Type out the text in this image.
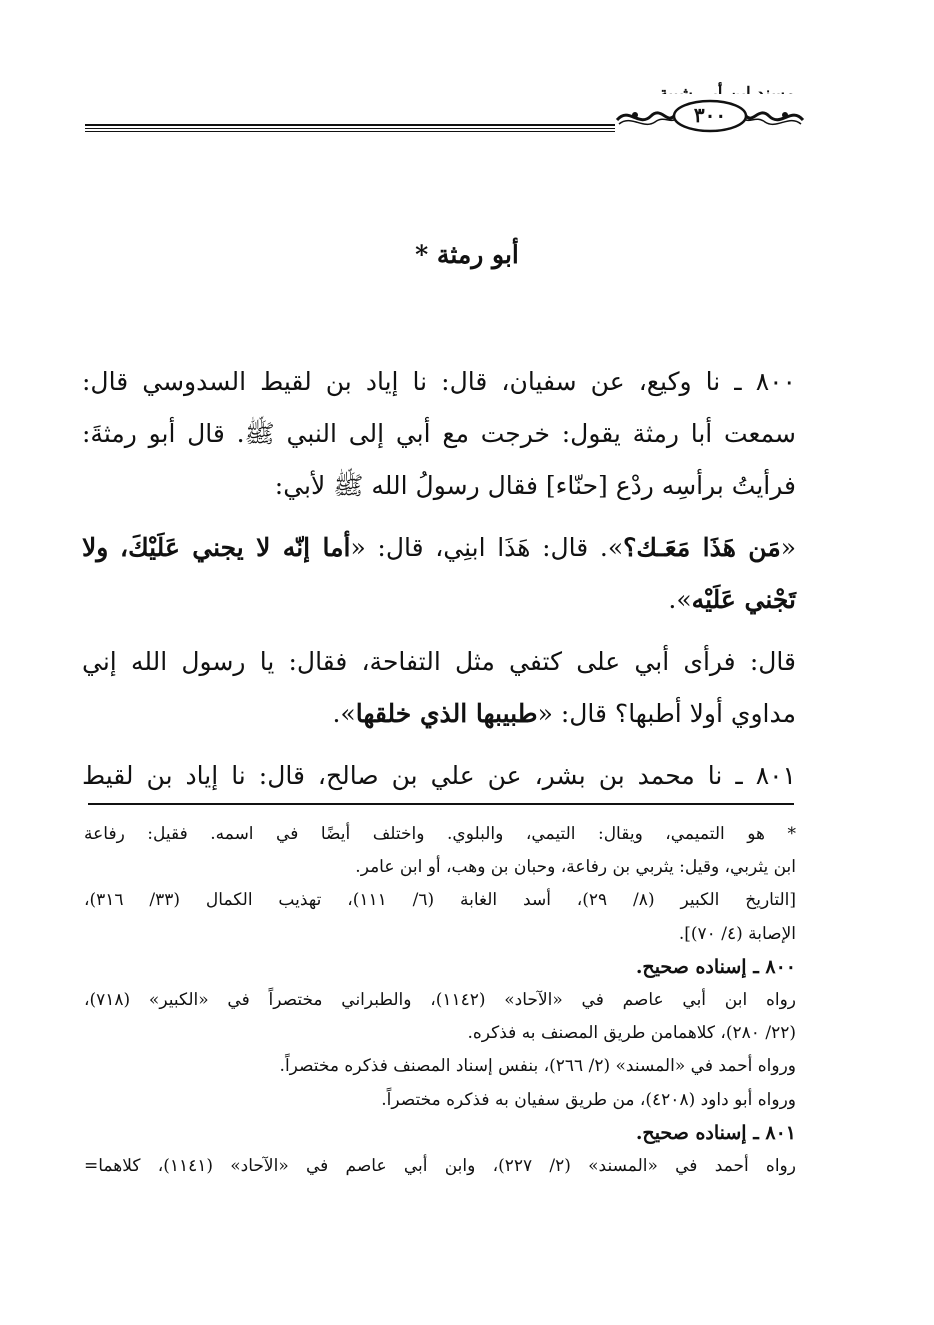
٣٠٠
أبو رمثة *

٨٠٠ ـ نا وكيع، عن سفيان، قال: نا إياد بن لقيط السدوسي قال:

سمعت أبا رمثة يقول: خرجت مع أبي إلى النبي ﷺ. قال أبو رمثةَ:

فرأيتُ برأسِه ردْع [حنّاء] فقال رسولُ الله ﷺ لأبي:

«مَن هَذَا مَعَـك؟». قال: هَذَا ابنِي، قال: «أما إنّه لا يجني عَلَيْكَ، ولا تَجْني عَلَيْه».

قال: فرأى أبي على كتفي مثل التفاحة، فقال: يا رسول الله إني
مداوي أولا أطبها؟ قال: «طبيبها الذي خلقها».

٨٠١ ـ نا محمد بن بشر، عن علي بن صالح، قال: نا إياد بن لقيط

* هو التميمي، ويقال: التيمي، والبلوي. واختلف أيضًا في اسمه. فقيل: رفاعة

ابن يثربي، وقيل: يثربي بن رفاعة، وحبان بن وهب، أو ابن عامر.

[التاريخ الكبير (٨/ ٢٩)، أسد الغابة (٦/ ١١١)، تهذيب الكمال (٣٣/ ٣١٦)،

الإصابة (٤/ ٧٠)].

٨٠٠ ـ إسناده صحيح.

رواه ابن أبي عاصم في «الآحاد» (١١٤٢)، والطبراني مختصراً في «الكبير» (٧١٨)،

(٢٢/ ٢٨٠)، كلاهمامن طريق المصنف به فذكره.

ورواه أحمد في «المسند» (٢/ ٢٦٦)، بنفس إسناد المصنف فذكره مختصراً.

ورواه أبو داود (٤٢٠٨)، من طريق سفيان به فذكره مختصراً.

٨٠١ ـ إسناده صحيح.

رواه أحمد في «المسند» (٢/ ٢٢٧)، وابن أبي عاصم في «الآحاد» (١١٤١)، كلاهما=
